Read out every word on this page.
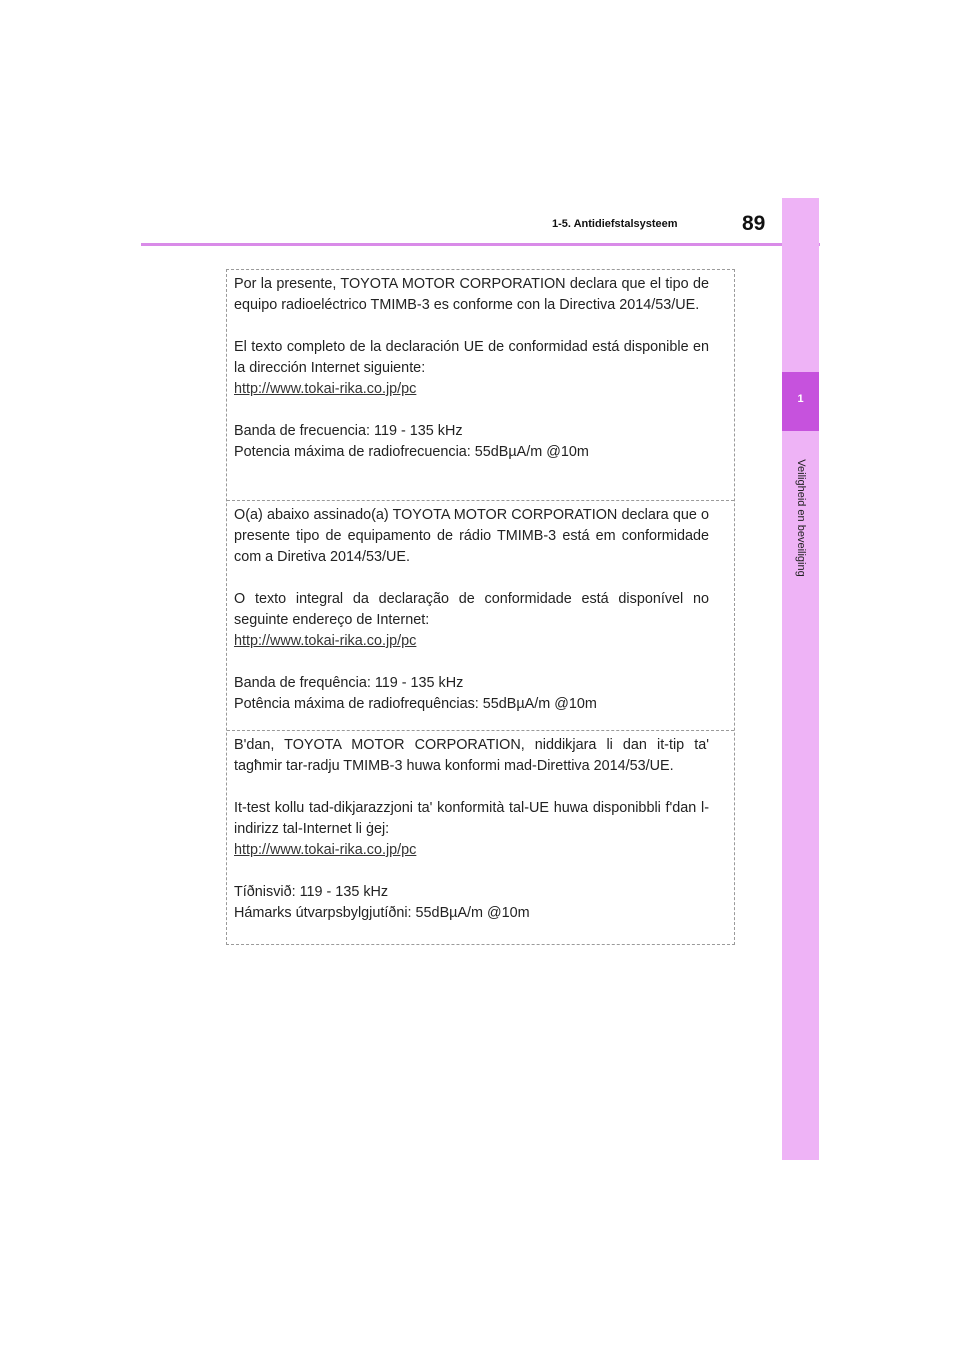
1-5. Antidiefstalsysteem	89
1
Veiligheid en beveiliging

Por la presente, TOYOTA MOTOR CORPORATION declara que el tipo de equipo radioeléctrico TMIMB-3 es conforme con la Directiva 2014/53/UE.

El texto completo de la declaración UE de conformidad está disponible en la dirección Internet siguiente:

http://www.tokai-rika.co.jp/pc

Banda de frecuencia: 119 - 135 kHz

Potencia máxima de radiofrecuencia: 55dBµA/m @10m

O(a) abaixo assinado(a) TOYOTA MOTOR CORPORATION declara que o presente tipo de equipamento de rádio TMIMB-3 está em conformidade com a Diretiva 2014/53/UE.

O texto integral da declaração de conformidade está disponível no seguinte endereço de Internet:

http://www.tokai-rika.co.jp/pc

Banda de frequência: 119 - 135 kHz

Potência máxima de radiofrequências: 55dBµA/m @10m

B'dan, TOYOTA MOTOR CORPORATION, niddikjara li dan it-tip ta' tagħmir tar-radju TMIMB-3 huwa konformi mad-Direttiva 2014/53/UE.

It-test kollu tad-dikjarazzjoni ta' konformità tal-UE huwa disponibbli f'dan l-indirizz tal-Internet li ġej:

http://www.tokai-rika.co.jp/pc

Tíðnisvið: 119 - 135 kHz

Hámarks útvarpsbylgjutíðni: 55dBµA/m @10m
